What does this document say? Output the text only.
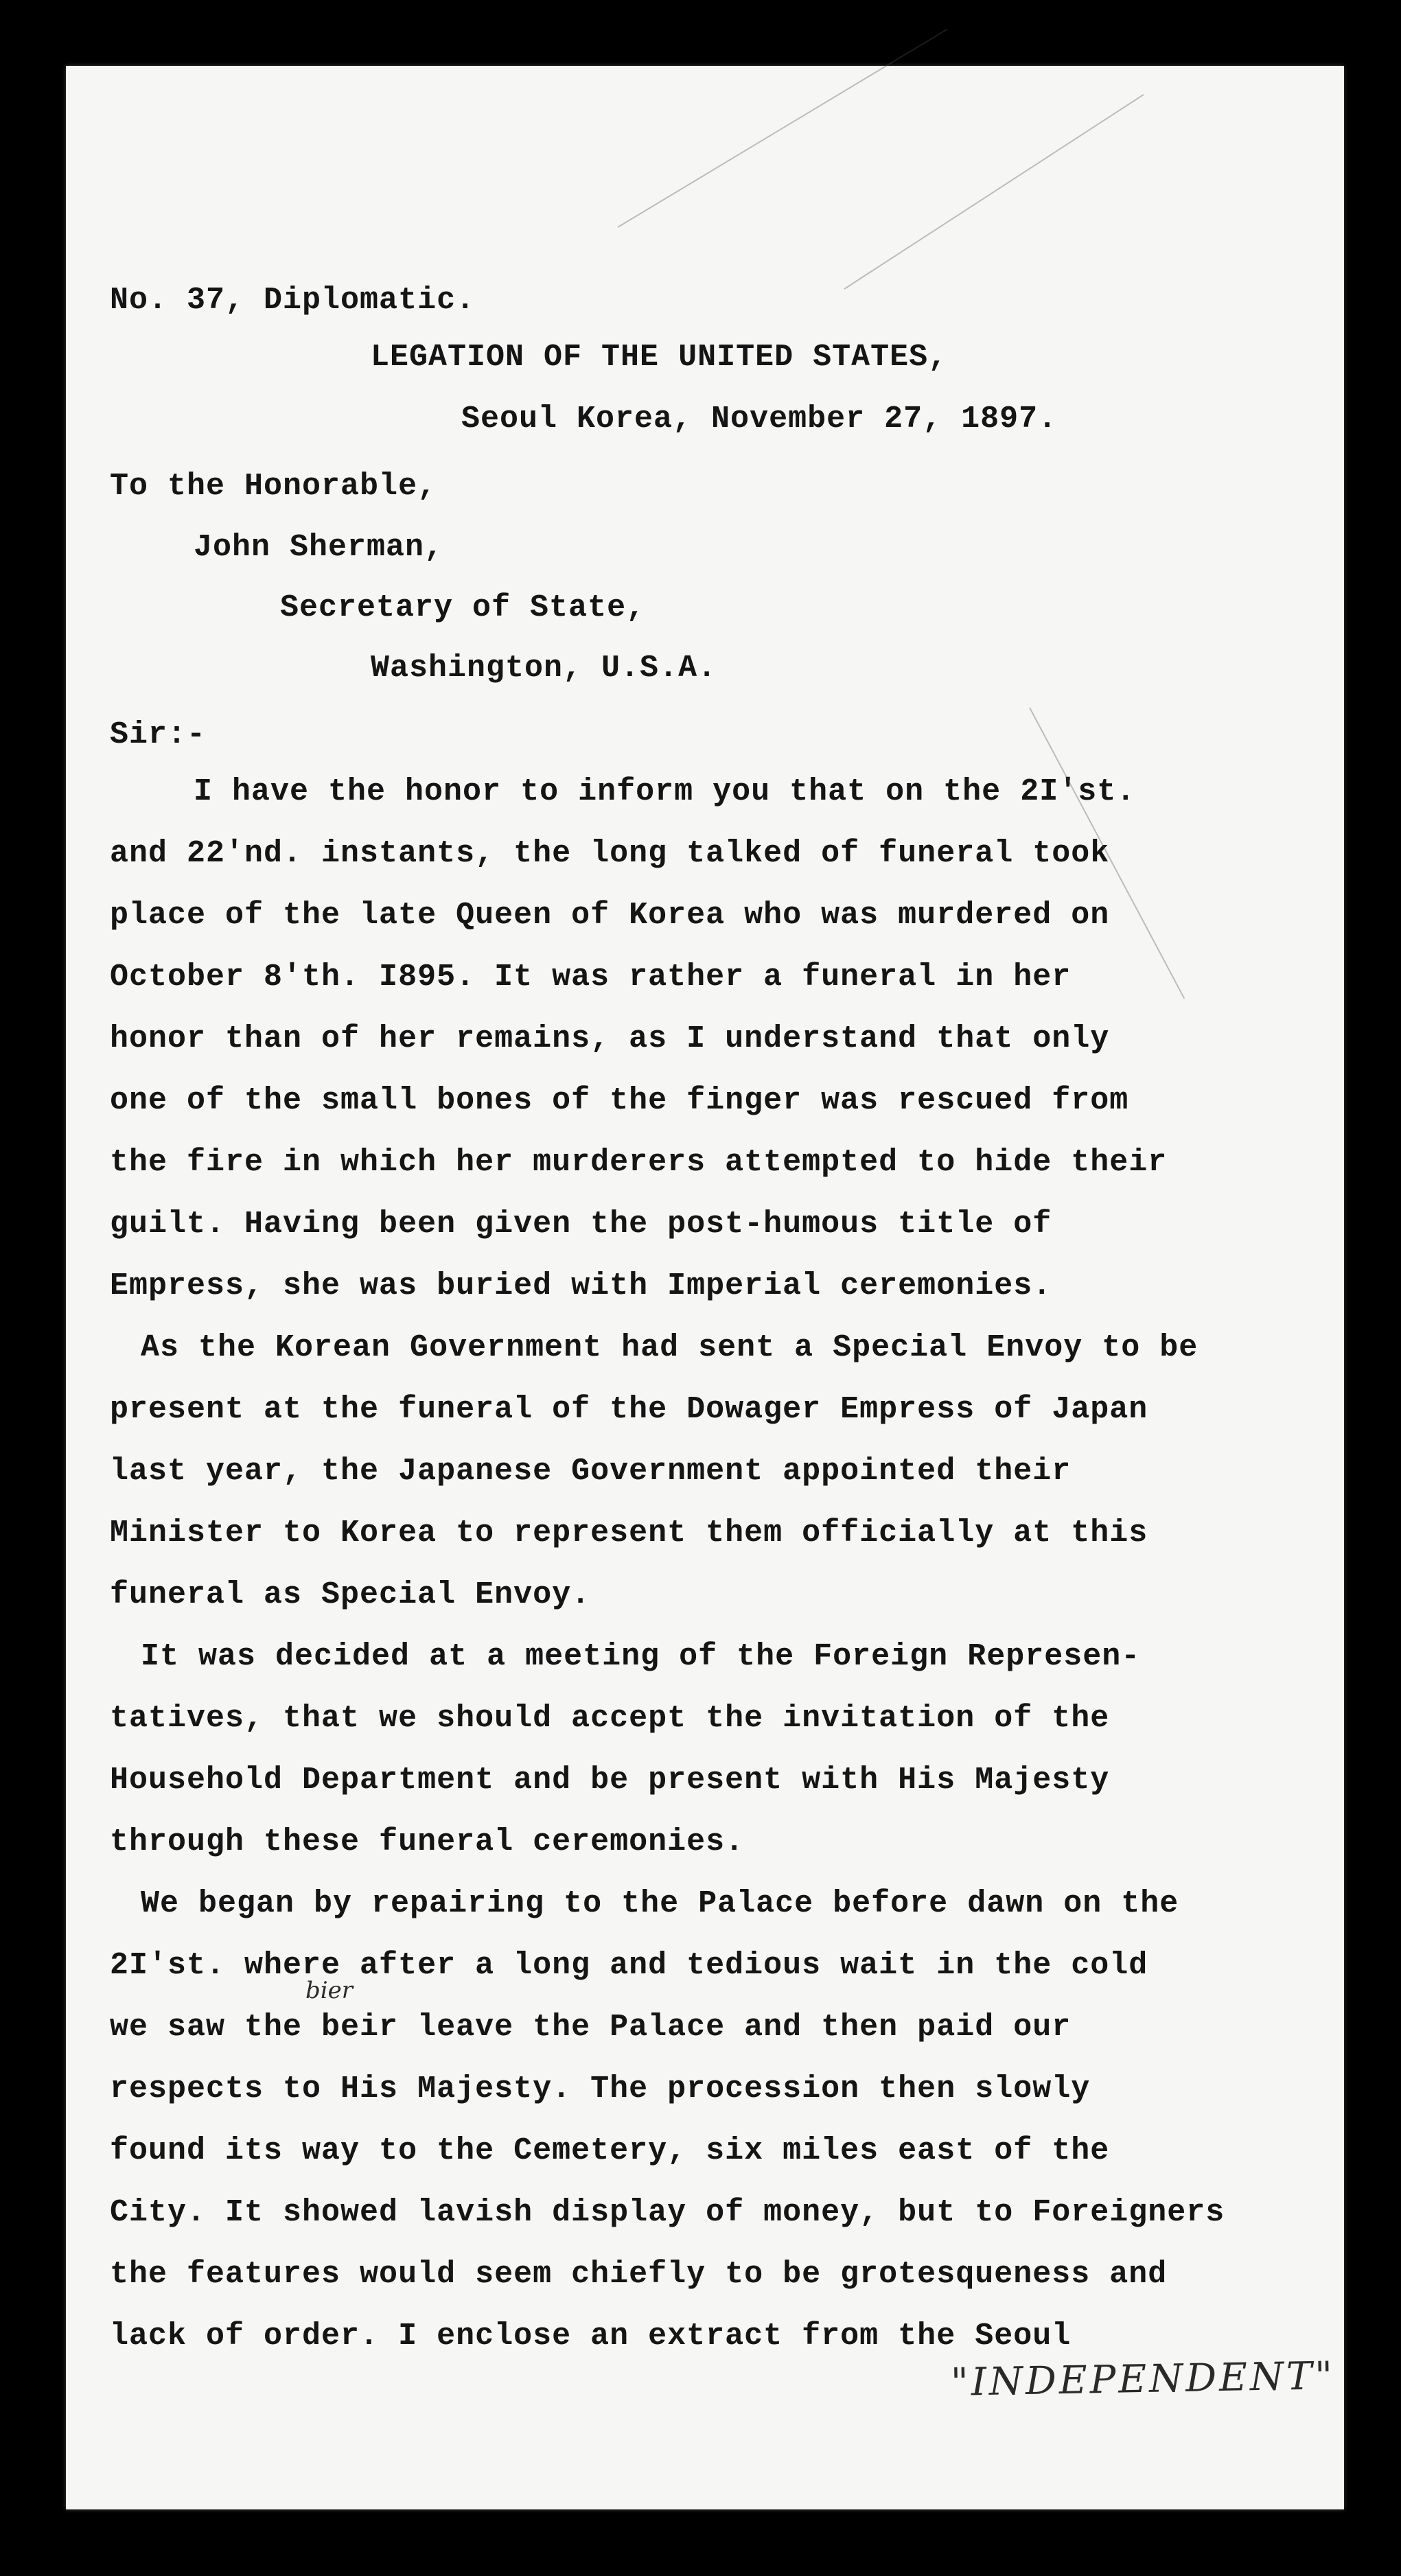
No. 37, Diplomatic.
LEGATION OF THE UNITED STATES,
Seoul Korea, November 27, 1897.
To the Honorable,
John Sherman,
Secretary of State,
Washington, U.S.A.
Sir:-
I have the honor to inform you that on the 2I'st.
and 22'nd. instants, the long talked of funeral took
place of the late Queen of Korea who was murdered on
October 8'th. I895. It was rather a funeral in her
honor than of her remains, as I understand that only
one of the small bones of the finger was rescued from
the fire in which her murderers attempted to hide their
guilt. Having been given the post-humous title of
Empress, she was buried with Imperial ceremonies.
As the Korean Government had sent a Special Envoy to be
present at the funeral of the Dowager Empress of Japan
last year, the Japanese Government appointed their
Minister to Korea to represent them officially at this
funeral as Special Envoy.
It was decided at a meeting of the Foreign Represen-
tatives, that we should accept the invitation of the
Household Department and be present with His Majesty
through these funeral ceremonies.
We began by repairing to the Palace before dawn on the
2I'st. where after a long and tedious wait in the cold
we saw the beir leave the Palace and then paid our
respects to His Majesty. The procession then slowly
found its way to the Cemetery, six miles east of the
City. It showed lavish display of money, but to Foreigners
the features would seem chiefly to be grotesqueness and
lack of order. I enclose an extract from the Seoul
bier
"INDEPENDENT"
